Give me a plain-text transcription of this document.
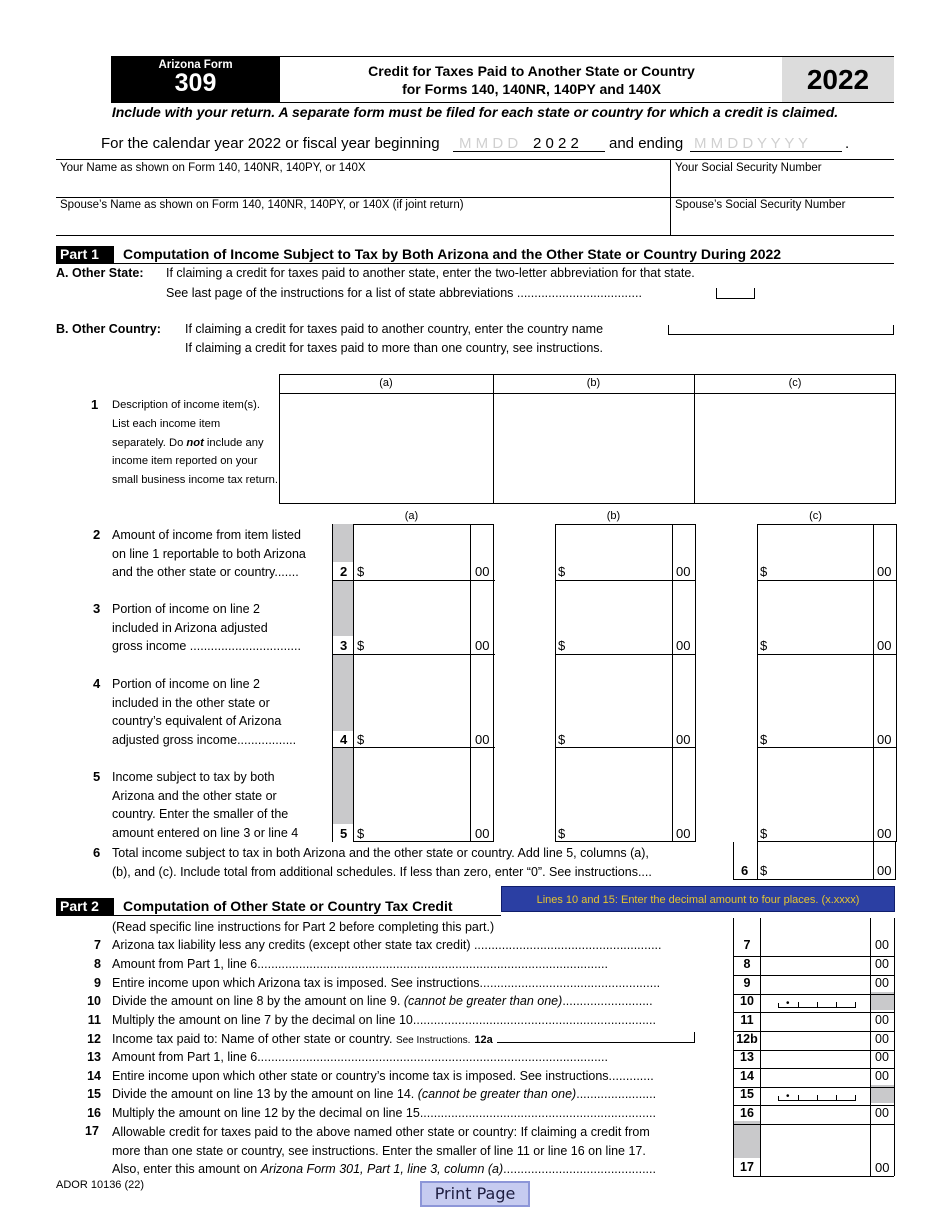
Arizona Form
309	Credit for Taxes Paid to Another State or Country
for Forms 140, 140NR, 140PY and 140X	2022
Include with your return. A separate form must be filed for each state or country for which a credit is claimed.
For the calendar year 2022 or fiscal year beginning	M M D D 2 0 2 2 and ending M M D D Y Y Y Y	.
Your Name as shown on Form 140, 140NR, 140PY, or 140X	Your Social Security Number
Spouse’s Name as shown on Form 140, 140NR, 140PY, or 140X (if joint return)	Spouse’s Social Security Number
Part 1	Computation of Income Subject to Tax by Both Arizona and the Other State or Country During 2022
A. Other State: If claiming a credit for taxes paid to another state, enter the two-letter abbreviation for that state.
See last page of the instructions for a list of state abbreviations ....................................
B. Other Country: If claiming a credit for taxes paid to another country, enter the country name
If claiming a credit for taxes paid to more than one country, see instructions.
(a)	(b)	(c)
1 Description of income item(s).
List each income item
separately. Do not include any
income item reported on your
small business income tax return.
(a)	(b)	(c)
2 Amount of income from item listed
on line 1 reportable to both Arizona
and the other state or country.......	2 $	00	$	00	$	00
3 Portion of income on line 2
included in Arizona adjusted
gross income ................................	3 $	00	$	00	$	00
4 Portion of income on line 2
included in the other state or
country’s equivalent of Arizona
adjusted gross income.................	4 $	00	$	00	$	00
5 Income subject to tax by both
Arizona and the other state or
country. Enter the smaller of the
amount entered on line 3 or line 4	5 $	00	$	00	$	00
6 Total income subject to tax in both Arizona and the other state or country. Add line 5, columns (a),
(b), and (c). Include total from additional schedules. If less than zero, enter “0”. See instructions....	6 $	00
Lines 10 and 15: Enter the decimal amount to four places. (x.xxxx)
Part 2	Computation of Other State or Country Tax Credit
(Read specific line instructions for Part 2 before completing this part.)
7 Arizona tax liability less any credits (except other state tax credit) ......................................................	7	00
8 Amount from Part 1, line 6.....................................................................................................	8	00
9 Entire income upon which Arizona tax is imposed. See instructions....................................................	9	00
10 Divide the amount on line 8 by the amount on line 9. (cannot be greater than one)..........................	10	•
11 Multiply the amount on line 7 by the decimal on line 10......................................................................	11	00
12 Income tax paid to: Name of other state or country. See Instructions. 12a	12b	00
13 Amount from Part 1, line 6.....................................................................................................	13	00
14 Entire income upon which other state or country’s income tax is imposed. See instructions.............	14	00
15 Divide the amount on line 13 by the amount on line 14. (cannot be greater than one).......................	15	•
16 Multiply the amount on line 12 by the decimal on line 15....................................................................	16	00
17 Allowable credit for taxes paid to the above named other state or country: If claiming a credit from
more than one state or country, see instructions. Enter the smaller of line 11 or line 16 on line 17.
Also, enter this amount on Arizona Form 301, Part 1, line 3, column (a)............................................	17	00
ADOR 10136 (22)	Print Page
